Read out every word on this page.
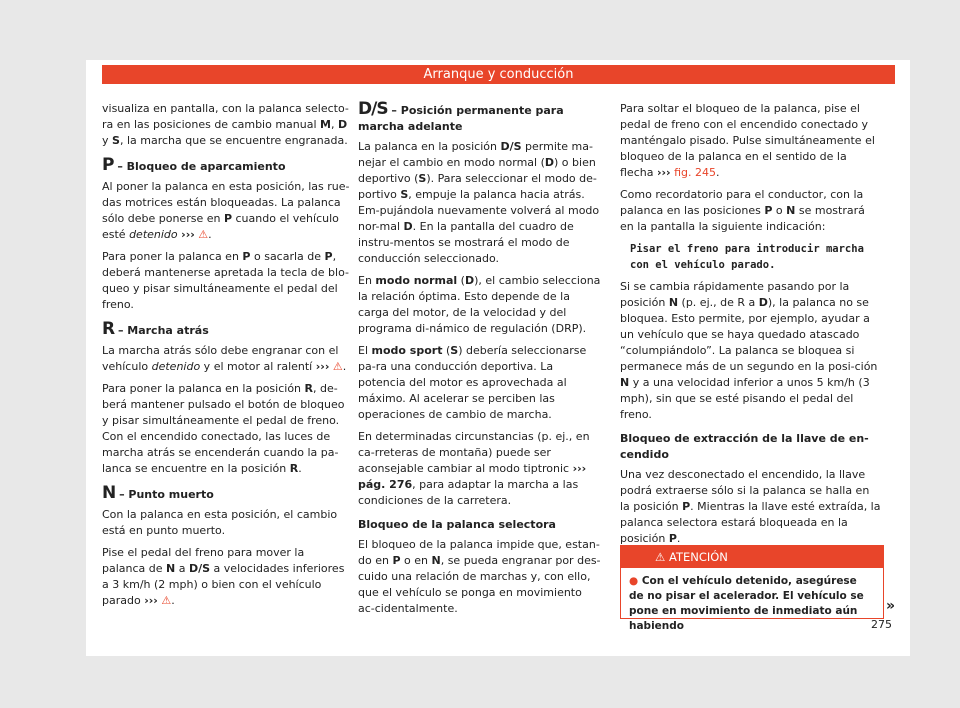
Arranque y conducción

visualiza en pantalla, con la palanca selecto-ra en las posiciones de cambio manual M, D y S, la marcha que se encuentre engranada.

P – Bloqueo de aparcamiento

Al poner la palanca en esta posición, las rue-das motrices están bloqueadas. La palanca sólo debe ponerse en P cuando el vehículo esté detenido ››› ⚠.

Para poner la palanca en P o sacarla de P, deberá mantenerse apretada la tecla de blo-queo y pisar simultáneamente el pedal del freno.

R – Marcha atrás

La marcha atrás sólo debe engranar con el vehículo detenido y el motor al ralentí ››› ⚠.

Para poner la palanca en la posición R, de-berá mantener pulsado el botón de bloqueo y pisar simultáneamente el pedal de freno. Con el encendido conectado, las luces de marcha atrás se encenderán cuando la pa-lanca se encuentre en la posición R.

N – Punto muerto

Con la palanca en esta posición, el cambio está en punto muerto.

Pise el pedal del freno para mover la palanca de N a D/S a velocidades inferiores a 3 km/h (2 mph) o bien con el vehículo parado ››› ⚠.

D/S – Posición permanente para marcha adelante

La palanca en la posición D/S permite ma-nejar el cambio en modo normal (D) o bien deportivo (S). Para seleccionar el modo de-portivo S, empuje la palanca hacia atrás. Em-pujándola nuevamente volverá al modo nor-mal D. En la pantalla del cuadro de instru-mentos se mostrará el modo de conducción seleccionado.

En modo normal (D), el cambio selecciona la relación óptima. Esto depende de la carga del motor, de la velocidad y del programa di-námico de regulación (DRP).

El modo sport (S) debería seleccionarse pa-ra una conducción deportiva. La potencia del motor es aprovechada al máximo. Al acelerar se perciben las operaciones de cambio de marcha.

En determinadas circunstancias (p. ej., en ca-rreteras de montaña) puede ser aconsejable cambiar al modo tiptronic ››› pág. 276, para adaptar la marcha a las condiciones de la carretera.

Bloqueo de la palanca selectora

El bloqueo de la palanca impide que, estan-do en P o en N, se pueda engranar por des-cuido una relación de marchas y, con ello, que el vehículo se ponga en movimiento ac-cidentalmente.

Para soltar el bloqueo de la palanca, pise el pedal de freno con el encendido conectado y manténgalo pisado. Pulse simultáneamente el bloqueo de la palanca en el sentido de la flecha ››› fig. 245.

Como recordatorio para el conductor, con la palanca en las posiciones P o N se mostrará en la pantalla la siguiente indicación:

Pisar el freno para introducir marcha con el vehículo parado.

Si se cambia rápidamente pasando por la posición N (p. ej., de R a D), la palanca no se bloquea. Esto permite, por ejemplo, ayudar a un vehículo que se haya quedado atascado “columpiándolo”. La palanca se bloquea si permanece más de un segundo en la posi-ción N y a una velocidad inferior a unos 5 km/h (3 mph), sin que se esté pisando el pedal del freno.

Bloqueo de extracción de la llave de en-cendido

Una vez desconectado el encendido, la llave podrá extraerse sólo si la palanca se halla en la posición P. Mientras la llave esté extraída, la palanca selectora estará bloqueada en la posición P.

⚠ ATENCIÓN
● Con el vehículo detenido, asegúrese de no pisar el acelerador. El vehículo se pone en movimiento de inmediato aún habiendo
»
275
